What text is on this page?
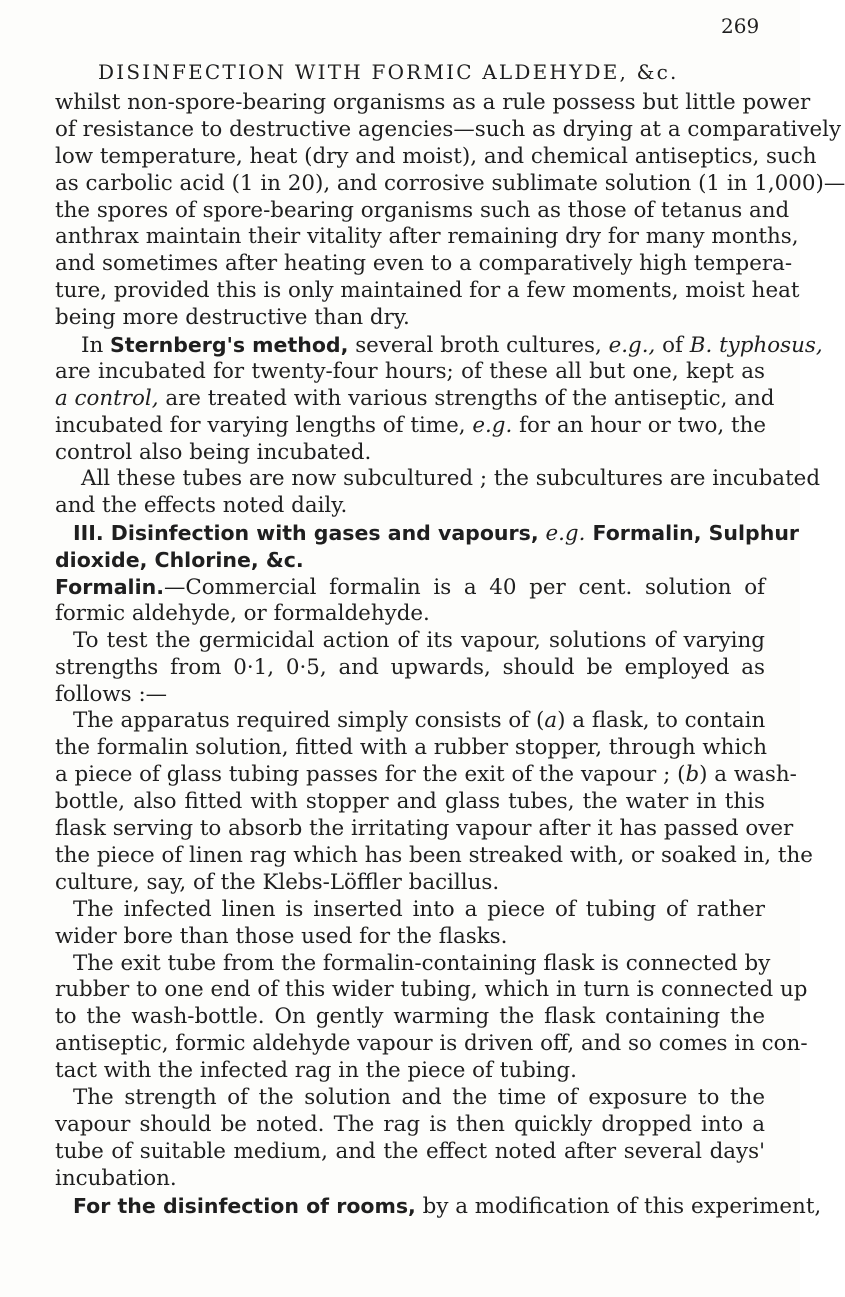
DISINFECTION WITH FORMIC ALDEHYDE, &c.
269
whilst non-spore-bearing organisms as a rule possess but little power
of resistance to destructive agencies—such as drying at a comparatively
low temperature, heat (dry and moist), and chemical antiseptics, such
as carbolic acid (1 in 20), and corrosive sublimate solution (1 in 1,000)—
the spores of spore-bearing organisms such as those of tetanus and
anthrax maintain their vitality after remaining dry for many months,
and sometimes after heating even to a comparatively high tempera-
ture, provided this is only maintained for a few moments, moist heat
being more destructive than dry.
In Sternberg's method, several broth cultures, e.g., of B. typhosus,
are incubated for twenty-four hours; of these all but one, kept as
a control, are treated with various strengths of the antiseptic, and
incubated for varying lengths of time, e.g. for an hour or two, the
control also being incubated.
All these tubes are now subcultured ; the subcultures are incubated
and the effects noted daily.
III. Disinfection with gases and vapours, e.g. Formalin, Sulphur
dioxide, Chlorine, &c.
Formalin.—Commercial formalin is a 40 per cent. solution of
formic aldehyde, or formaldehyde.
To test the germicidal action of its vapour, solutions of varying
strengths from 0·1, 0·5, and upwards, should be employed as
follows :—
The apparatus required simply consists of (a) a flask, to contain
the formalin solution, fitted with a rubber stopper, through which
a piece of glass tubing passes for the exit of the vapour ; (b) a wash-
bottle, also fitted with stopper and glass tubes, the water in this
flask serving to absorb the irritating vapour after it has passed over
the piece of linen rag which has been streaked with, or soaked in, the
culture, say, of the Klebs-Löffler bacillus.
The infected linen is inserted into a piece of tubing of rather
wider bore than those used for the flasks.
The exit tube from the formalin-containing flask is connected by
rubber to one end of this wider tubing, which in turn is connected up
to the wash-bottle. On gently warming the flask containing the
antiseptic, formic aldehyde vapour is driven off, and so comes in con-
tact with the infected rag in the piece of tubing.
The strength of the solution and the time of exposure to the
vapour should be noted. The rag is then quickly dropped into a
tube of suitable medium, and the effect noted after several days'
incubation.
For the disinfection of rooms, by a modification of this experiment,
